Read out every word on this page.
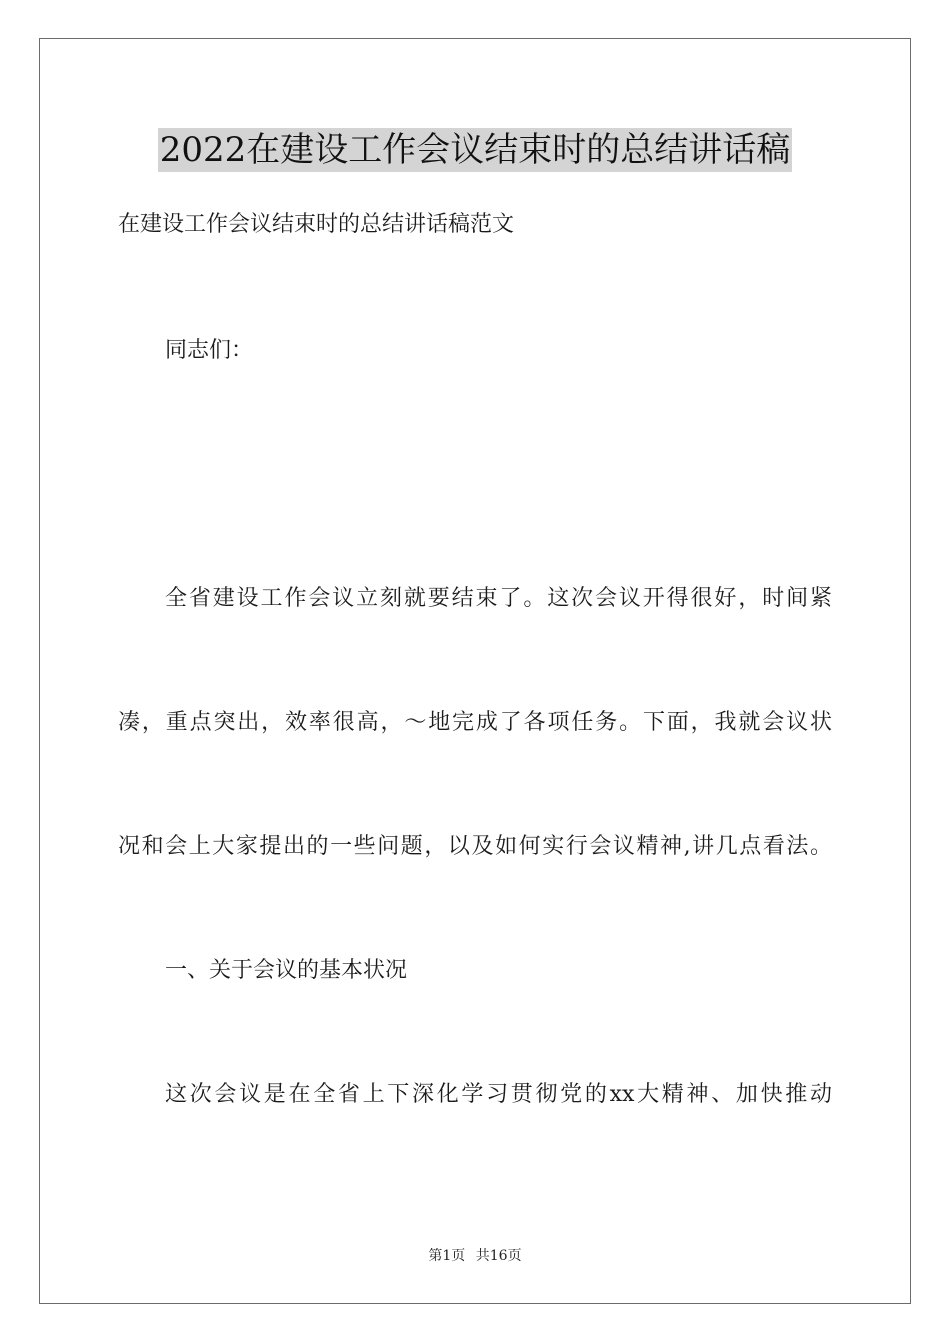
2022在建设工作会议结束时的总结讲话稿
在建设工作会议结束时的总结讲话稿范文
同志们：
全省建设工作会议立刻就要结束了。这次会议开得很好，时间紧
凑，重点突出，效率很高，～地完成了各项任务。下面，我就会议状
况和会上大家提出的一些问题，以及如何实行会议精神,讲几点看法。
一、关于会议的基本状况
这次会议是在全省上下深化学习贯彻党的xx大精神、加快推动
第1页 共16页
